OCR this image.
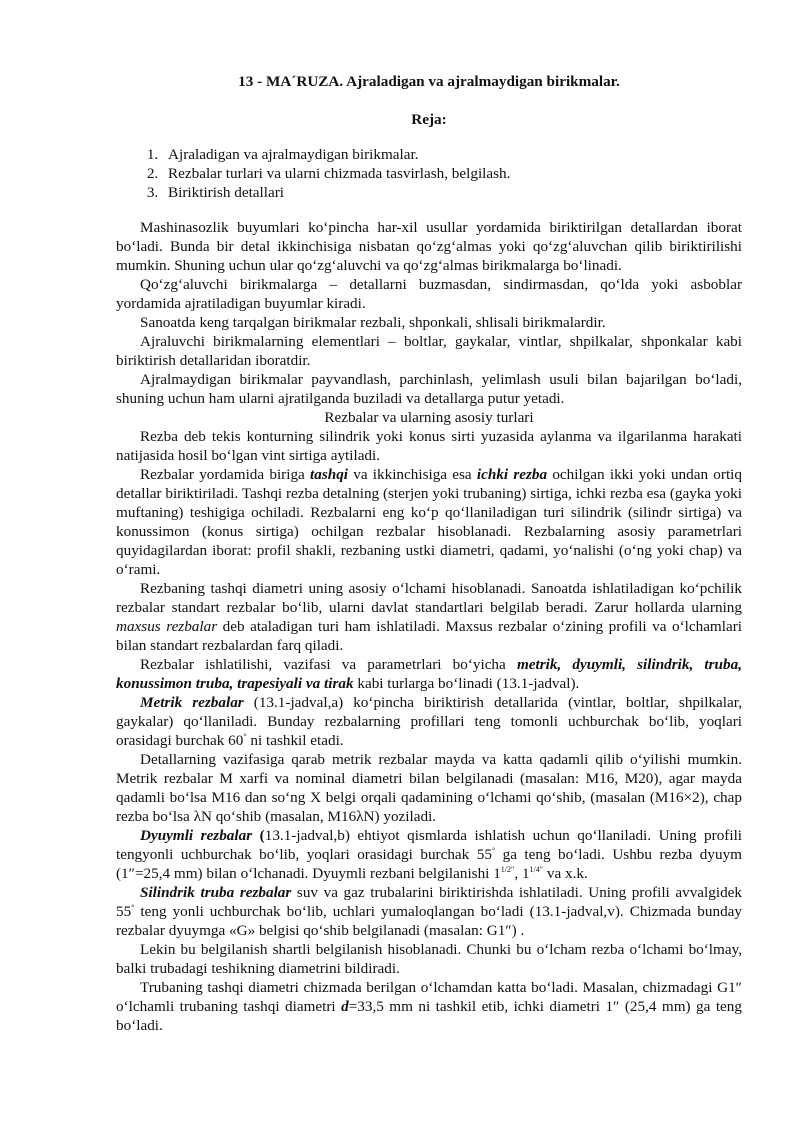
13 - MA´RUZA. Ajraladigan va ajralmaydigan birikmalar.

Reja:

1. Ajraladigan va ajralmaydigan birikmalar.
2. Rezbalar turlari va ularni chizmada tasvirlash, belgilash.
3. Biriktirish detallari

Mashinasozlik buyumlari koʻpincha har-xil usullar yordamida biriktirilgan detallardan iborat boʻladi. Bunda bir detal ikkinchisiga nisbatan qoʻzgʻalmas yoki qoʻzgʻaluvchan qilib biriktirilishi mumkin. Shuning uchun ular qoʻzgʻaluvchi va qoʻzgʻalmas birikmalarga boʻlinadi.

Qoʻzgʻaluvchi birikmalarga – detallarni buzmasdan, sindirmasdan, qoʻlda yoki asboblar yordamida ajratiladigan buyumlar kiradi.

Sanoatda keng tarqalgan birikmalar rezbali, shponkali, shlisali birikmalardir.

Ajraluvchi birikmalarning elementlari – boltlar, gaykalar, vintlar, shpilkalar, shponkalar kabi biriktirish detallaridan iboratdir.

Ajralmaydigan birikmalar payvandlash, parchinlash, yelimlash usuli bilan bajarilgan boʻladi, shuning uchun ham ularni ajratilganda buziladi va detallarga putur yetadi.

Rezbalar va ularning asosiy turlari

Rezba deb tekis konturning silindrik yoki konus sirti yuzasida aylanma va ilgarilanma harakati natijasida hosil boʻlgan vint sirtiga aytiladi.

Rezbalar yordamida biriga tashqi va ikkinchisiga esa ichki rezba ochilgan ikki yoki undan ortiq detallar biriktiriladi. Tashqi rezba detalning (sterjen yoki trubaning) sirtiga, ichki rezba esa (gayka yoki muftaning) teshigiga ochiladi. Rezbalarni eng koʻp qoʻllaniladigan turi silindrik (silindr sirtiga) va konussimon (konus sirtiga) ochilgan rezbalar hisoblanadi. Rezbalarning asosiy parametrlari quyidagilardan iborat: profil shakli, rezbaning ustki diametri, qadami, yoʻnalishi (oʻng yoki chap) va oʻrami.

Rezbaning tashqi diametri uning asosiy oʻlchami hisoblanadi. Sanoatda ishlatiladigan koʻpchilik rezbalar standart rezbalar boʻlib, ularni davlat standartlari belgilab beradi. Zarur hollarda ularning maxsus rezbalar deb ataladigan turi ham ishlatiladi. Maxsus rezbalar oʻzining profili va oʻlchamlari bilan standart rezbalardan farq qiladi.

Rezbalar ishlatilishi, vazifasi va parametrlari boʻyicha metrik, dyuymli, silindrik, truba, konussimon truba, trapesiyali va tirak kabi turlarga boʻlinadi (13.1-jadval).

Metrik rezbalar (13.1-jadval,a) koʻpincha biriktirish detallarida (vintlar, boltlar, shpilkalar, gaykalar) qoʻllaniladi. Bunday rezbalarning profillari teng tomonli uchburchak boʻlib, yoqlari orasidagi burchak 60° ni tashkil etadi.

Detallarning vazifasiga qarab metrik rezbalar mayda va katta qadamli qilib oʻyilishi mumkin. Metrik rezbalar M xarfi va nominal diametri bilan belgilanadi (masalan: M16, M20), agar mayda qadamli boʻlsa M16 dan soʻng X belgi orqali qadamining oʻlchami qoʻshib, (masalan (M16×2), chap rezba boʻlsa λN qoʻshib (masalan, M16λN) yoziladi.

Dyuymli rezbalar (13.1-jadval,b) ehtiyot qismlarda ishlatish uchun qoʻllaniladi. Uning profili tengyonli uchburchak boʻlib, yoqlari orasidagi burchak 55° ga teng boʻladi. Ushbu rezba dyuym (1″=25,4 mm) bilan oʻlchanadi. Dyuymli rezbani belgilanishi $1^{1/2''}$, $1^{1/4''}$ va x.k.

Silindrik truba rezbalar suv va gaz trubalarini biriktirishda ishlatiladi. Uning profili avvalgidek 55° teng yonli uchburchak boʻlib, uchlari yumaloqlangan boʻladi (13.1-jadval,v). Chizmada bunday rezbalar dyuymga «G» belgisi qoʻshib belgilanadi (masalan: G1″) .

Lekin bu belgilanish shartli belgilanish hisoblanadi. Chunki bu oʻlcham rezba oʻlchami boʻlmay, balki trubadagi teshikning diametrini bildiradi.

Trubaning tashqi diametri chizmada berilgan oʻlchamdan katta boʻladi. Masalan, chizmadagi G1″ oʻlchamli trubaning tashqi diametri d=33,5 mm ni tashkil etib, ichki diametri 1″ (25,4 mm) ga teng boʻladi.
